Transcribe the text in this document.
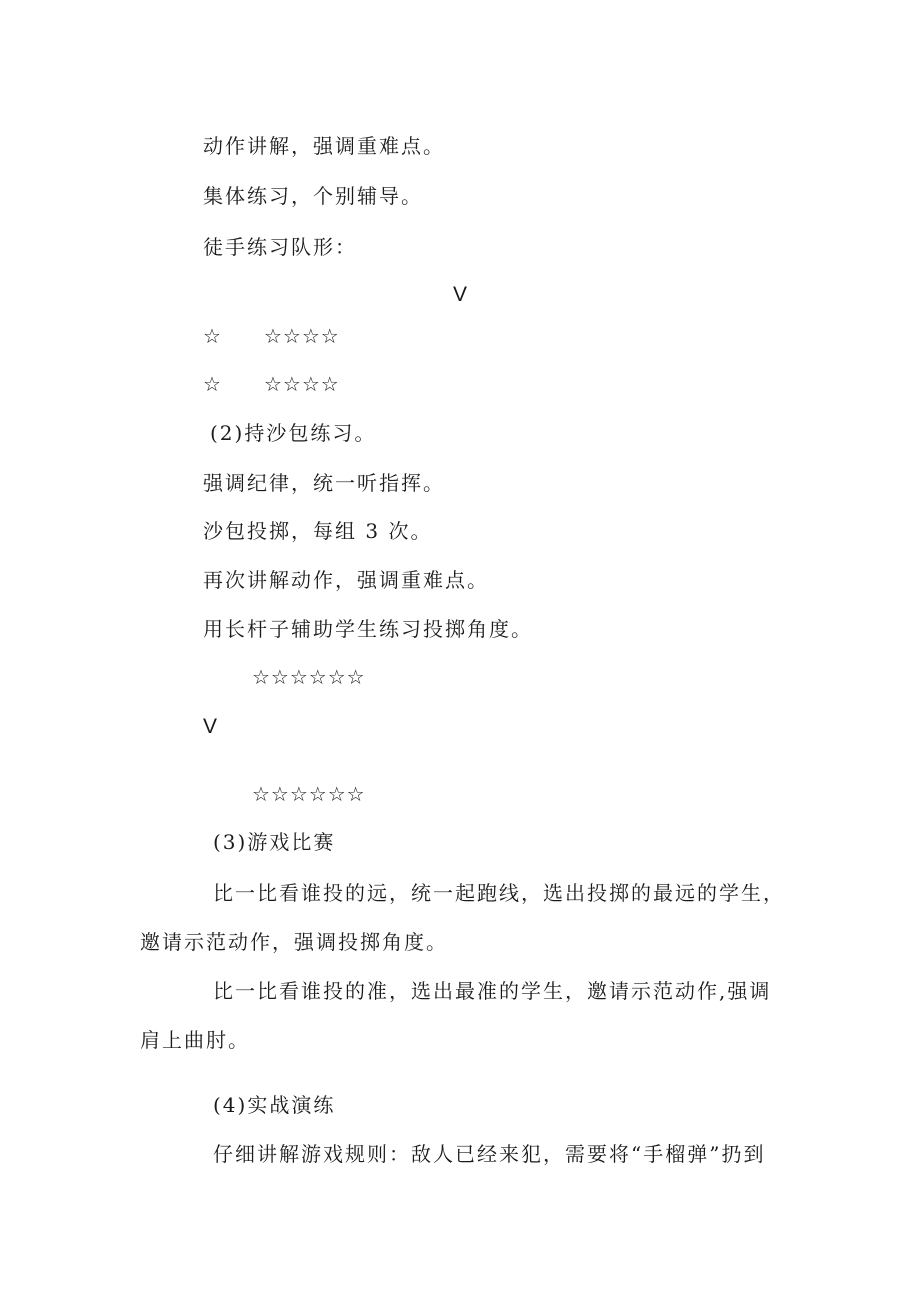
动作讲解，强调重难点。
集体练习，个别辅导。
徒手练习队形：
V
☆ ☆☆☆☆
☆ ☆☆☆☆
(2)持沙包练习。
强调纪律，统一听指挥。
沙包投掷，每组 3 次。
再次讲解动作，强调重难点。
用长杆子辅助学生练习投掷角度。
☆☆☆☆☆☆
V
☆☆☆☆☆☆
(3)游戏比赛
比一比看谁投的远，统一起跑线，选出投掷的最远的学生，
邀请示范动作，强调投掷角度。
比一比看谁投的准，选出最准的学生，邀请示范动作,强调
肩上曲肘。
(4)实战演练
仔细讲解游戏规则：敌人已经来犯，需要将“手榴弹”扔到
